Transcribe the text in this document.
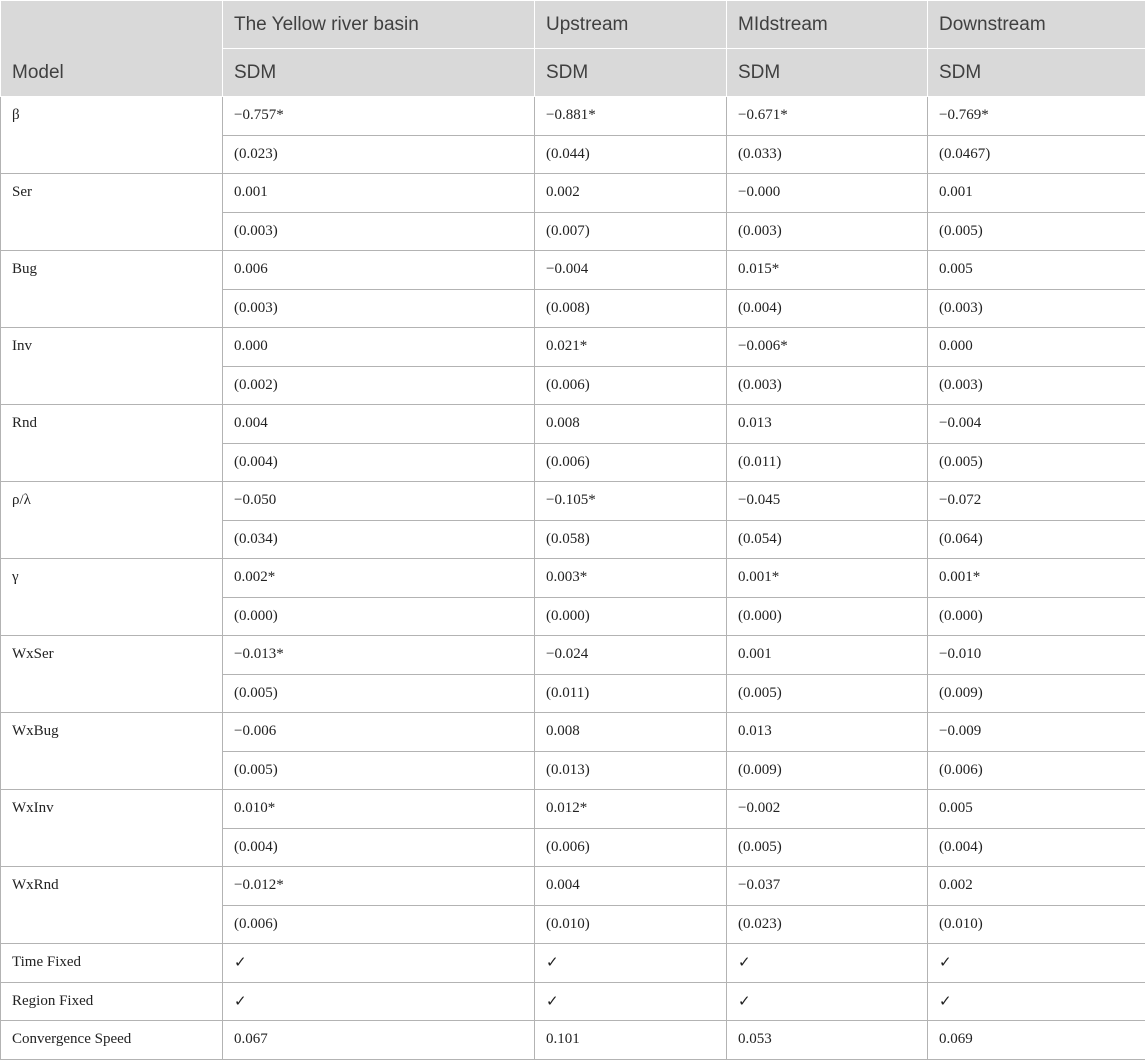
Model	The Yellow river basin	Upstream	MIdstream	Downstream
	SDM	SDM	SDM	SDM
β	−0.757*	−0.881*	−0.671*	−0.769*
	(0.023)	(0.044)	(0.033)	(0.0467)
Ser	0.001	0.002	−0.000	0.001
	(0.003)	(0.007)	(0.003)	(0.005)
Bug	0.006	−0.004	0.015*	0.005
	(0.003)	(0.008)	(0.004)	(0.003)
Inv	0.000	0.021*	−0.006*	0.000
	(0.002)	(0.006)	(0.003)	(0.003)
Rnd	0.004	0.008	0.013	−0.004
	(0.004)	(0.006)	(0.011)	(0.005)
ρ/λ	−0.050	−0.105*	−0.045	−0.072
	(0.034)	(0.058)	(0.054)	(0.064)
γ	0.002*	0.003*	0.001*	0.001*
	(0.000)	(0.000)	(0.000)	(0.000)
WxSer	−0.013*	−0.024	0.001	−0.010
	(0.005)	(0.011)	(0.005)	(0.009)
WxBug	−0.006	0.008	0.013	−0.009
	(0.005)	(0.013)	(0.009)	(0.006)
WxInv	0.010*	0.012*	−0.002	0.005
	(0.004)	(0.006)	(0.005)	(0.004)
WxRnd	−0.012*	0.004	−0.037	0.002
	(0.006)	(0.010)	(0.023)	(0.010)
Time Fixed	✓	✓	✓	✓
Region Fixed	✓	✓	✓	✓
Convergence Speed	0.067	0.101	0.053	0.069
